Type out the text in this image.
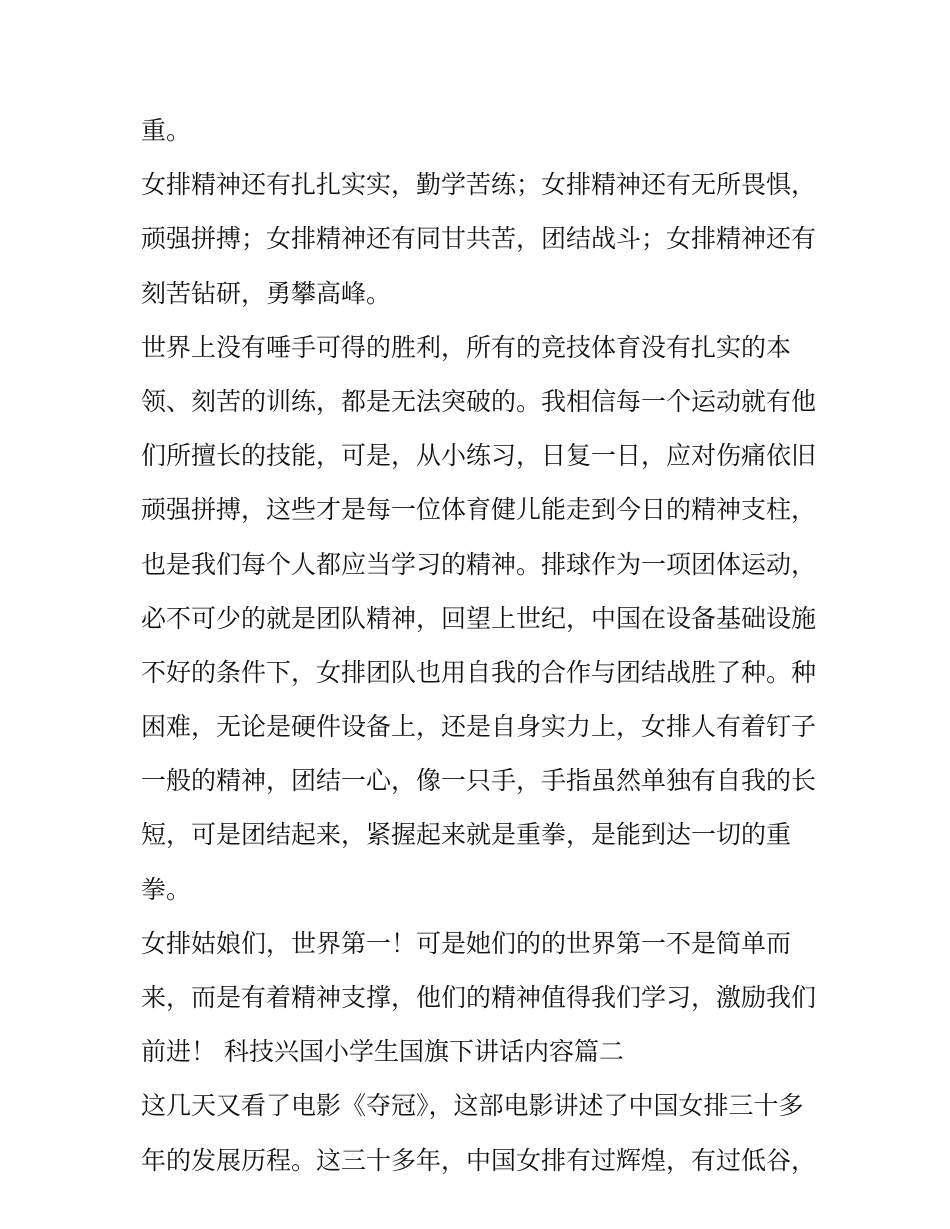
重。
女排精神还有扎扎实实，勤学苦练；女排精神还有无所畏惧，
顽强拼搏；女排精神还有同甘共苦，团结战斗；女排精神还有
刻苦钻研，勇攀高峰。
世界上没有唾手可得的胜利，所有的竞技体育没有扎实的本
领、刻苦的训练，都是无法突破的。我相信每一个运动就有他
们所擅长的技能，可是，从小练习，日复一日，应对伤痛依旧
顽强拼搏，这些才是每一位体育健儿能走到今日的精神支柱，
也是我们每个人都应当学习的精神。排球作为一项团体运动，
必不可少的就是团队精神，回望上世纪，中国在设备基础设施
不好的条件下，女排团队也用自我的合作与团结战胜了种。种
困难，无论是硬件设备上，还是自身实力上，女排人有着钉子
一般的精神，团结一心，像一只手，手指虽然单独有自我的长
短，可是团结起来，紧握起来就是重拳，是能到达一切的重
拳。
女排姑娘们，世界第一！可是她们的的世界第一不是简单而
来，而是有着精神支撑，他们的精神值得我们学习，激励我们
前进！ 科技兴国小学生国旗下讲话内容篇二
这几天又看了电影《夺冠》，这部电影讲述了中国女排三十多
年的发展历程。这三十多年，中国女排有过辉煌，有过低谷，
